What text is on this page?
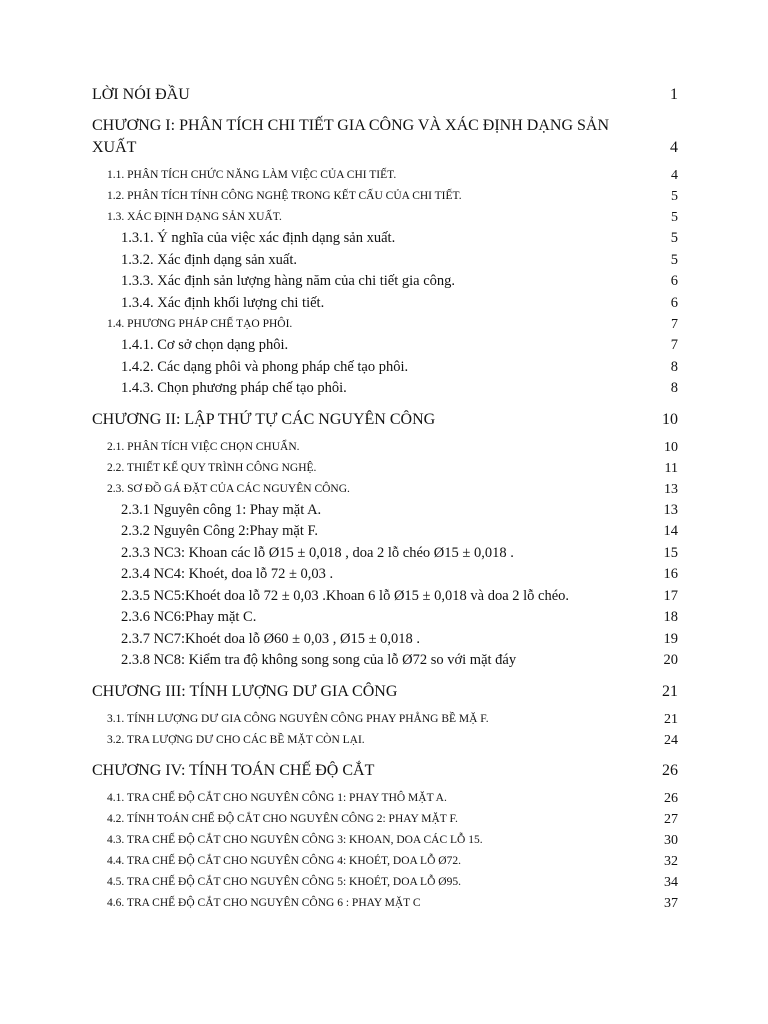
LỜI NÓI ĐẦU	1
CHƯƠNG I: PHÂN TÍCH CHI TIẾT GIA CÔNG VÀ XÁC ĐỊNH DẠNG SẢN XUẤT	4
1.1. PHÂN TÍCH CHỨC NĂNG LÀM VIỆC CỦA CHI TIẾT.	4
1.2. PHÂN TÍCH TÍNH CÔNG NGHỆ TRONG KẾT CẤU CỦA CHI TIẾT.	5
1.3. XÁC ĐỊNH DẠNG SẢN XUẤT.	5
1.3.1. Ý nghĩa của việc xác định dạng sản xuất.	5
1.3.2. Xác định dạng sản xuất.	5
1.3.3. Xác định sản lượng hàng năm của chi tiết gia công.	6
1.3.4. Xác định khối lượng chi tiết.	6
1.4. PHƯƠNG PHÁP CHẾ TẠO PHÔI.	7
1.4.1. Cơ sở chọn dạng phôi.	7
1.4.2. Các dạng phôi và phong pháp chế tạo phôi.	8
1.4.3. Chọn phương pháp chế tạo phôi.	8
CHƯƠNG II: LẬP THỨ TỰ CÁC NGUYÊN CÔNG	10
2.1. PHÂN TÍCH VIỆC CHỌN CHUẨN.	10
2.2. THIẾT KẾ QUY TRÌNH CÔNG NGHỆ.	11
2.3. SƠ ĐỒ GÁ ĐẶT CỦA CÁC NGUYÊN CÔNG.	13
2.3.1 Nguyên công 1: Phay mặt A.	13
2.3.2 Nguyên Công 2:Phay mặt F.	14
2.3.3 NC3: Khoan các lỗ Ø15 ± 0,018 , doa 2 lỗ chéo Ø15 ± 0,018 .	15
2.3.4 NC4: Khoét, doa lỗ 72 ± 0,03 .	16
2.3.5 NC5:Khoét doa lỗ 72 ± 0,03 .Khoan 6 lỗ Ø15 ± 0,018 và doa 2 lỗ chéo.	17
2.3.6 NC6:Phay mặt C.	18
2.3.7 NC7:Khoét doa lỗ Ø60 ± 0,03 , Ø15 ± 0,018 .	19
2.3.8 NC8: Kiểm tra độ không song song của lỗ Ø72 so với mặt đáy	20
CHƯƠNG III: TÍNH LƯỢNG DƯ GIA CÔNG	21
3.1. TÍNH LƯỢNG DƯ GIA CÔNG NGUYÊN CÔNG PHAY PHẲNG BỀ MẶ F.	21
3.2. TRA LƯỢNG DƯ CHO CÁC BỀ MẶT CÒN LẠI.	24
CHƯƠNG IV: TÍNH TOÁN CHẾ ĐỘ CẮT	26
4.1. TRA CHẾ ĐỘ CẮT CHO NGUYÊN CÔNG 1: PHAY THÔ MẶT A.	26
4.2. TÍNH TOÁN CHẾ ĐỘ CẮT CHO NGUYÊN CÔNG 2: PHAY MẶT F.	27
4.3. TRA CHẾ ĐỘ CẮT CHO NGUYÊN CÔNG 3: KHOAN, DOA CÁC LỖ 15.	30
4.4. TRA CHẾ ĐỘ CẮT CHO NGUYÊN CÔNG 4: KHOÉT, DOA LỖ Ø72.	32
4.5. TRA CHẾ ĐỘ CẮT CHO NGUYÊN CÔNG 5: KHOÉT, DOA LỖ Ø95.	34
4.6. TRA CHẾ ĐỘ CẮT CHO NGUYÊN CÔNG 6 : PHAY MẶT C	37
